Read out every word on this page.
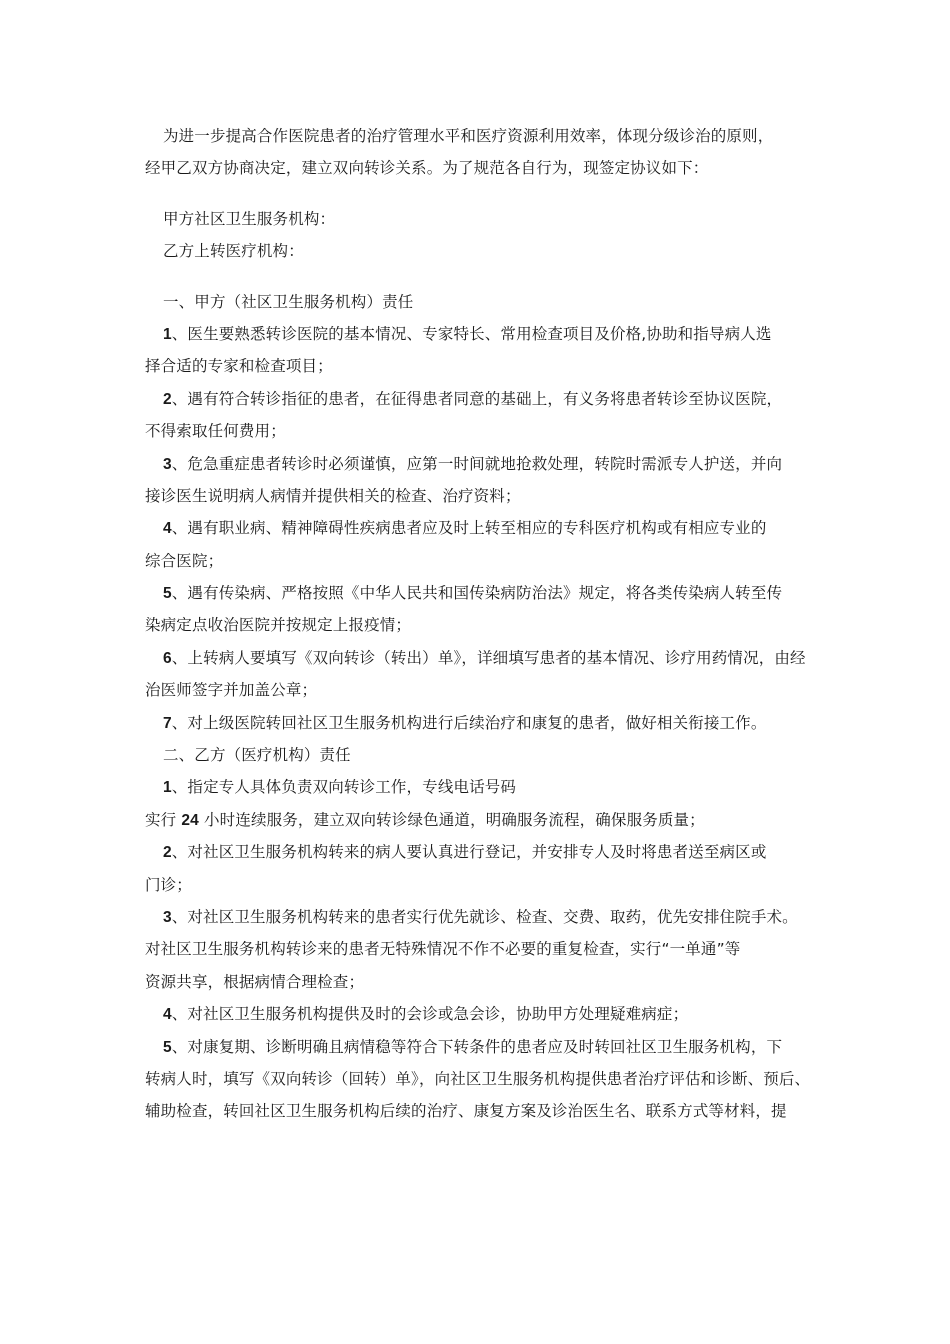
为进一步提高合作医院患者的治疗管理水平和医疗资源利用效率，体现分级诊治的原则，
经甲乙双方协商决定，建立双向转诊关系。为了规范各自行为，现签定协议如下：
甲方社区卫生服务机构：
乙方上转医疗机构：
一、甲方（社区卫生服务机构）责任
1、医生要熟悉转诊医院的基本情况、专家特长、常用检查项目及价格,协助和指导病人选
择合适的专家和检查项目；
2、遇有符合转诊指征的患者，在征得患者同意的基础上，有义务将患者转诊至协议医院，
不得索取任何费用；
3、危急重症患者转诊时必须谨慎，应第一时间就地抢救处理，转院时需派专人护送，并向
接诊医生说明病人病情并提供相关的检查、治疗资料；
4、遇有职业病、精神障碍性疾病患者应及时上转至相应的专科医疗机构或有相应专业的
综合医院；
5、遇有传染病、严格按照《中华人民共和国传染病防治法》规定，将各类传染病人转至传
染病定点收治医院并按规定上报疫情；
6、上转病人要填写《双向转诊（转出）单》，详细填写患者的基本情况、诊疗用药情况，由经
治医师签字并加盖公章；
7、对上级医院转回社区卫生服务机构进行后续治疗和康复的患者，做好相关衔接工作。
二、乙方（医疗机构）责任
1、指定专人具体负责双向转诊工作，专线电话号码
实行 24 小时连续服务，建立双向转诊绿色通道，明确服务流程，确保服务质量；
2、对社区卫生服务机构转来的病人要认真进行登记，并安排专人及时将患者送至病区或
门诊；
3、对社区卫生服务机构转来的患者实行优先就诊、检查、交费、取药，优先安排住院手术。
对社区卫生服务机构转诊来的患者无特殊情况不作不必要的重复检查，实行“一单通”等
资源共享，根据病情合理检查；
4、对社区卫生服务机构提供及时的会诊或急会诊，协助甲方处理疑难病症；
5、对康复期、诊断明确且病情稳等符合下转条件的患者应及时转回社区卫生服务机构，下
转病人时，填写《双向转诊（回转）单》，向社区卫生服务机构提供患者治疗评估和诊断、预后、
辅助检查，转回社区卫生服务机构后续的治疗、康复方案及诊治医生名、联系方式等材料，提
